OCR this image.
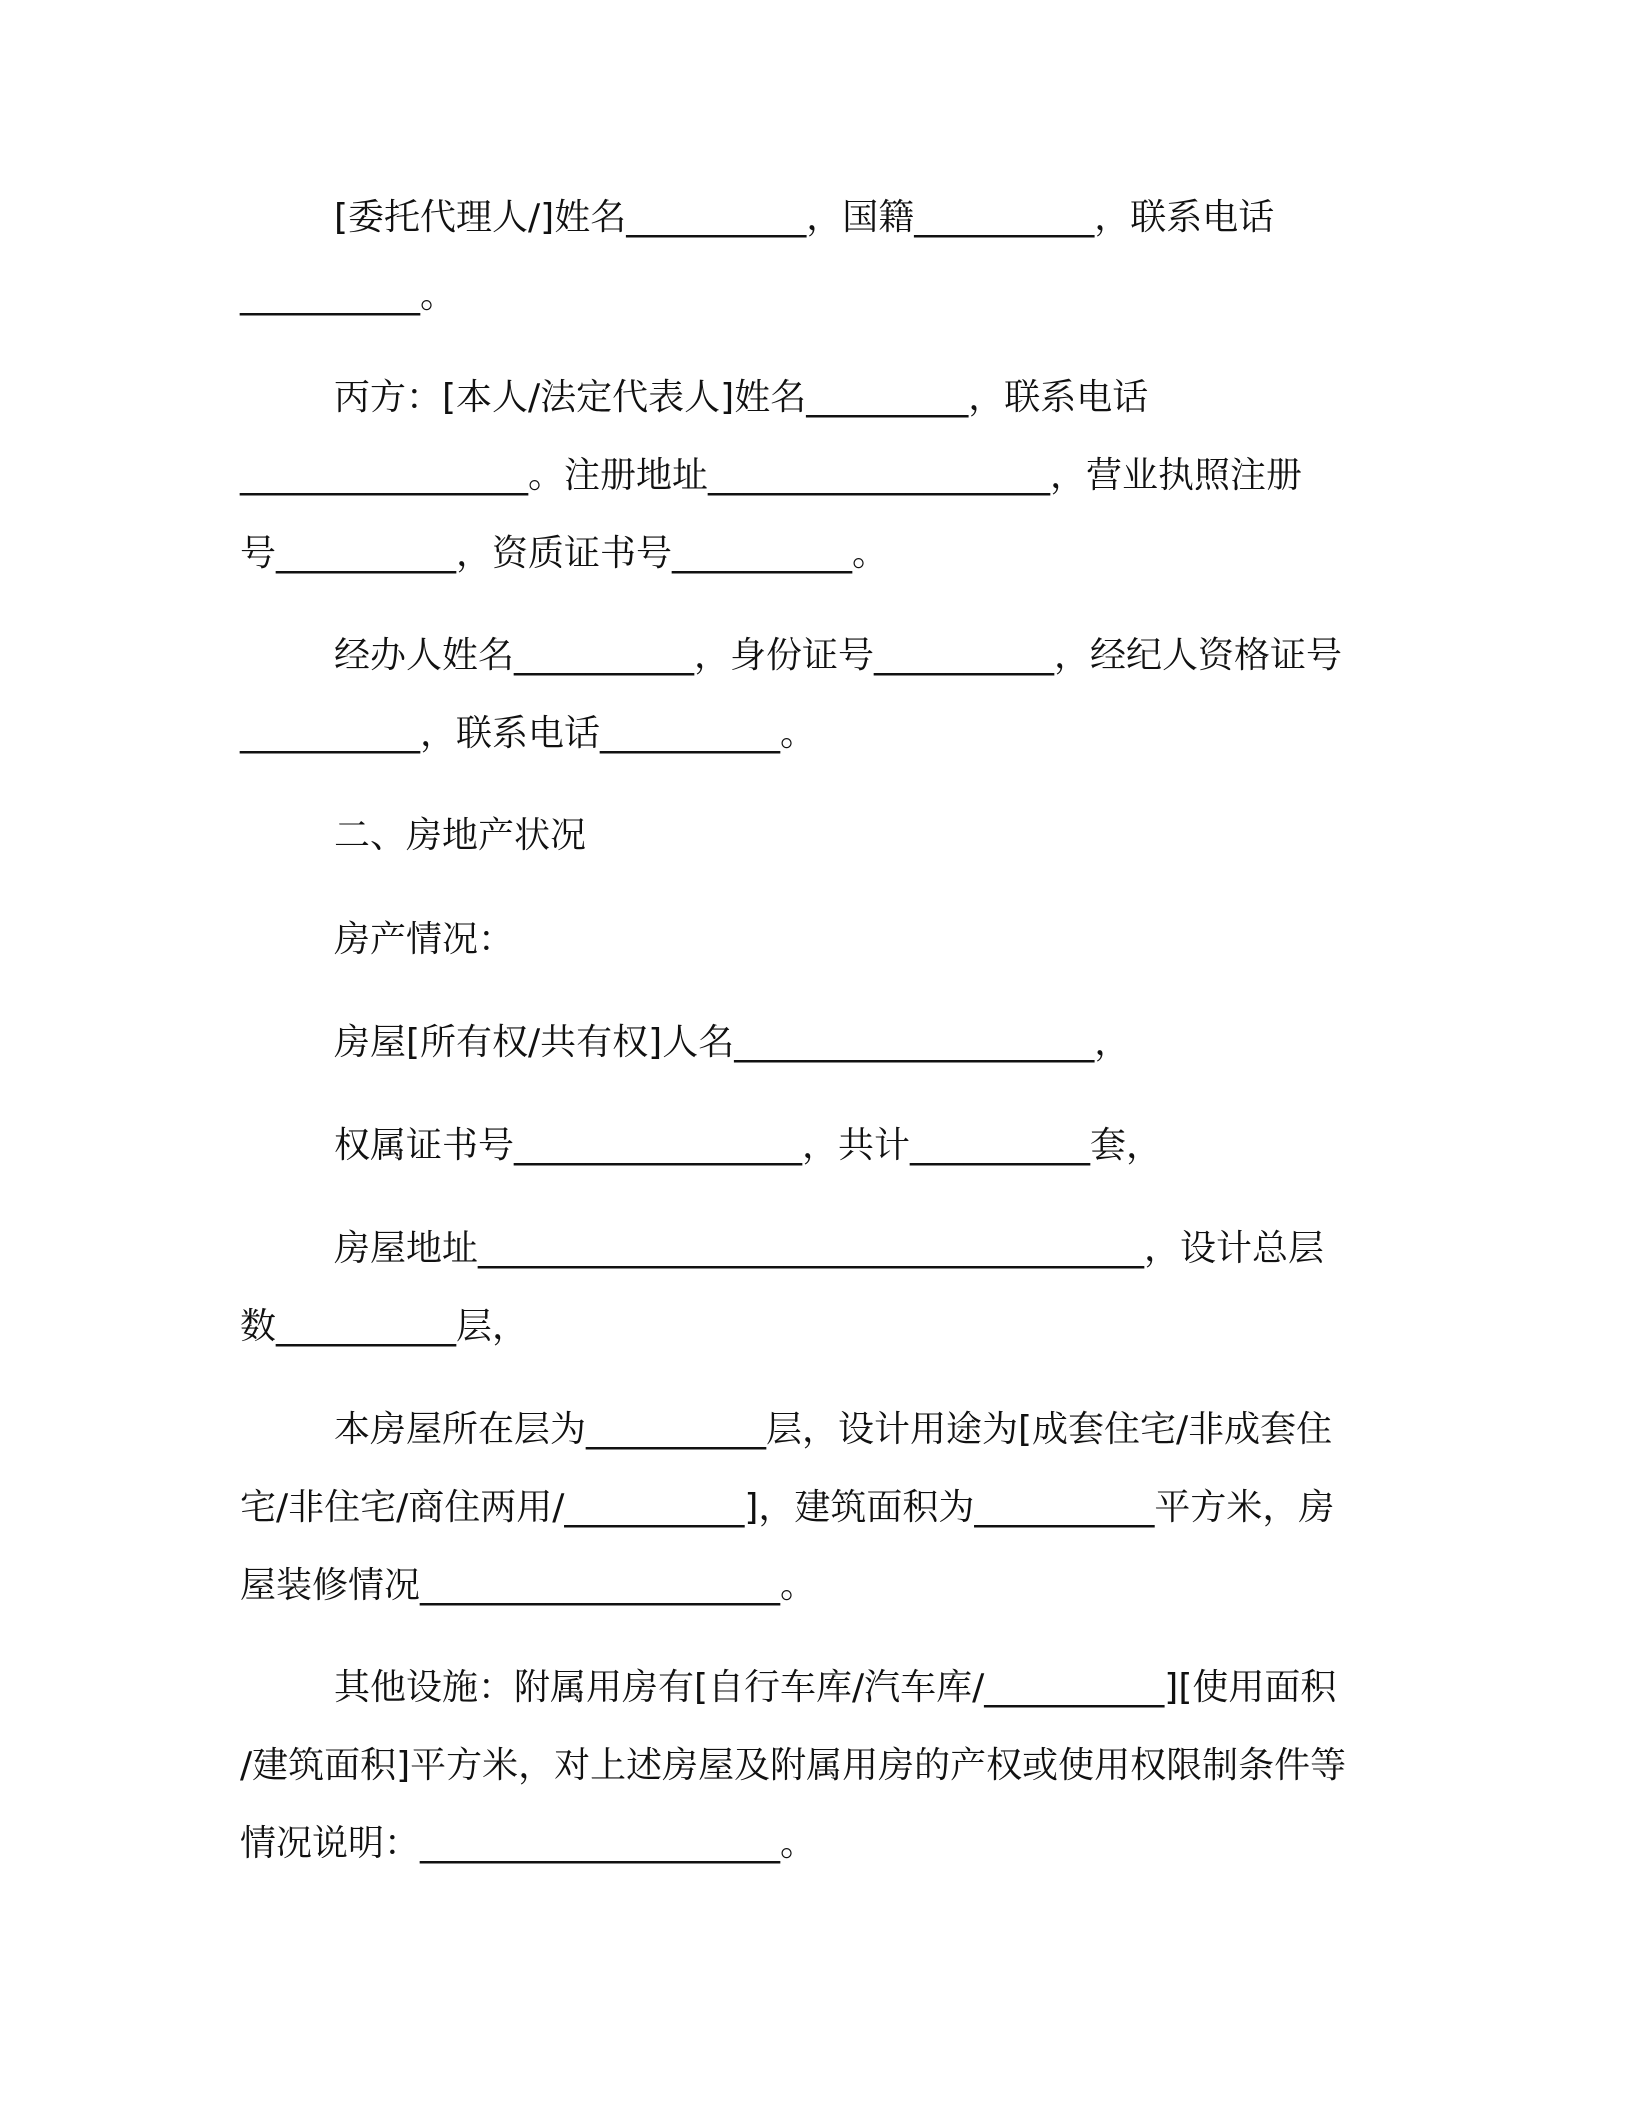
[委托代理人/]姓名__________，国籍__________，联系电话
__________。
丙方：[本人/法定代表人]姓名_________，联系电话
________________。注册地址___________________，营业执照注册
号__________，资质证书号__________。
经办人姓名__________，身份证号__________，经纪人资格证号
__________，联系电话__________。
二、房地产状况
房产情况：
房屋[所有权/共有权]人名____________________，
权属证书号________________，共计__________套，
房屋地址_____________________________________，设计总层
数__________层，
本房屋所在层为__________层，设计用途为[成套住宅/非成套住
宅/非住宅/商住两用/__________]，建筑面积为__________平方米，房
屋装修情况____________________。
其他设施：附属用房有[自行车库/汽车库/__________][使用面积
/建筑面积]平方米，对上述房屋及附属用房的产权或使用权限制条件等
情况说明：____________________。
